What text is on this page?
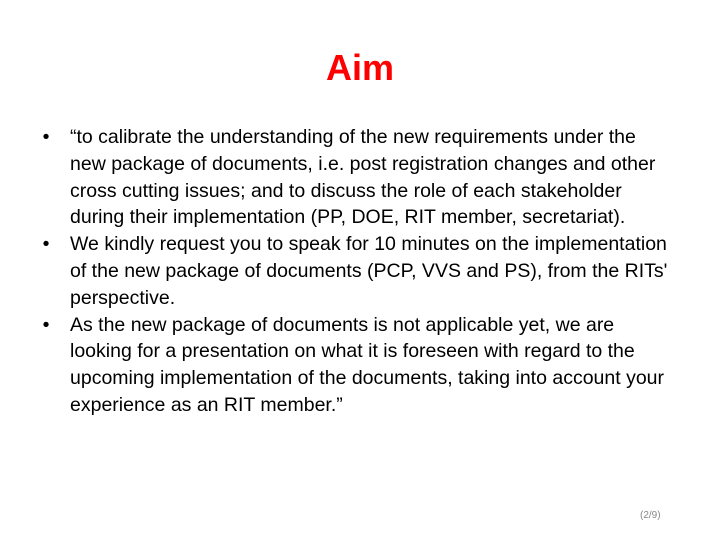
Aim
•	“to calibrate the understanding of the new requirements under the new package of documents, i.e. post registration changes and other cross cutting issues; and to discuss the role of each stakeholder during their implementation (PP, DOE, RIT member, secretariat).
•	We kindly request you to speak for 10 minutes on the implementation of the new package of documents (PCP, VVS and PS), from the RITs' perspective.
•	As the new package of documents is not applicable yet, we are looking for a presentation on what it is foreseen with regard to the upcoming implementation of the documents, taking into account your experience as an RIT member.”
(2/9)
